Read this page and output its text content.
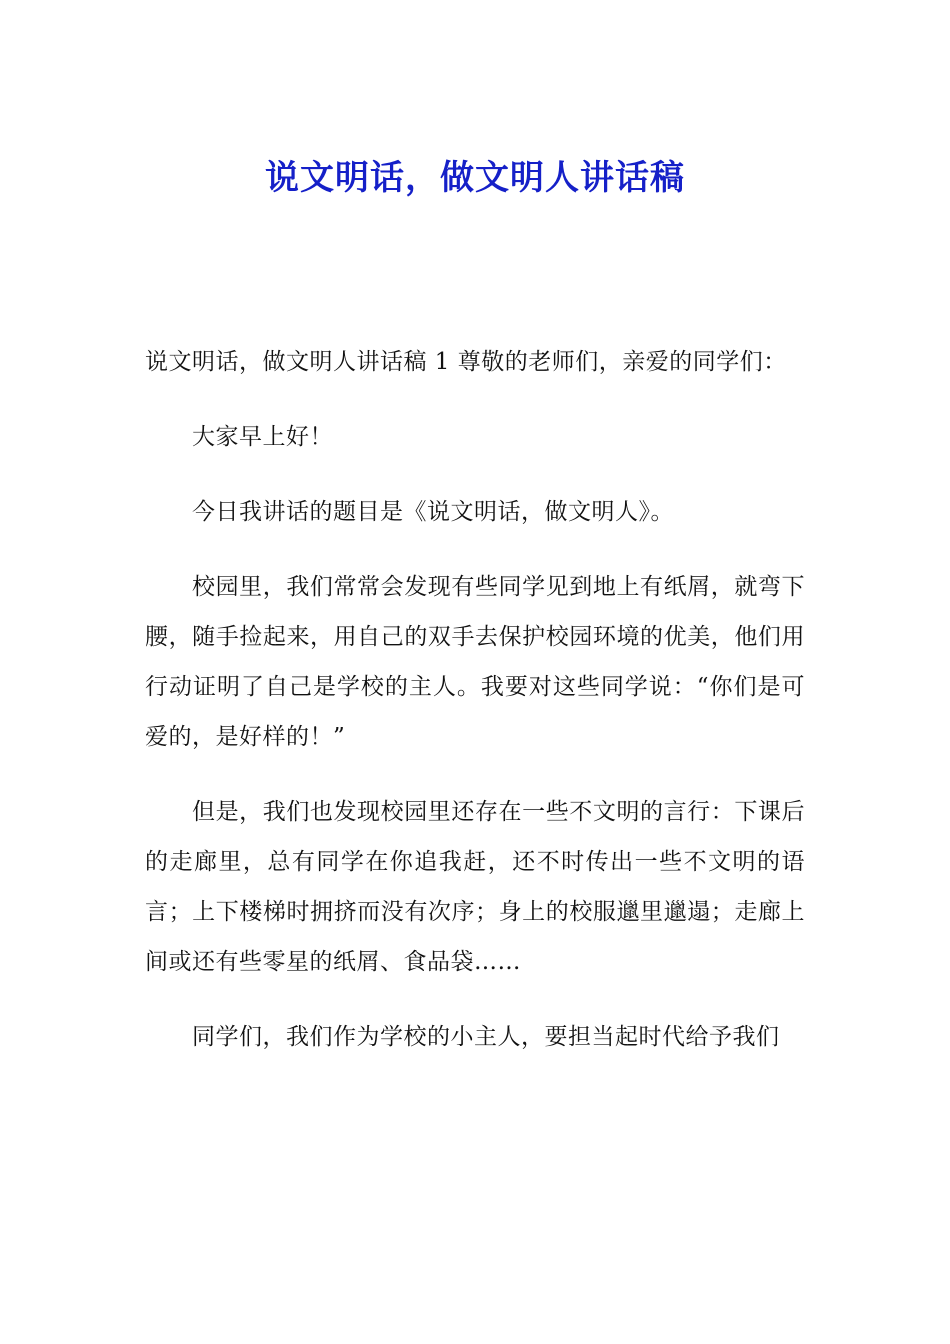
说文明话，做文明人讲话稿

说文明话，做文明人讲话稿 1 尊敬的老师们，亲爱的同学们：

大家早上好！

今日我讲话的题目是《说文明话，做文明人》。

校园里，我们常常会发现有些同学见到地上有纸屑，就弯下腰，随手捡起来，用自己的双手去保护校园环境的优美，他们用行动证明了自己是学校的主人。我要对这些同学说：“你们是可爱的，是好样的！”

但是，我们也发现校园里还存在一些不文明的言行：下课后的走廊里，总有同学在你追我赶，还不时传出一些不文明的语言；上下楼梯时拥挤而没有次序；身上的校服邋里邋遢；走廊上间或还有些零星的纸屑、食品袋……

同学们，我们作为学校的小主人，要担当起时代给予我们
